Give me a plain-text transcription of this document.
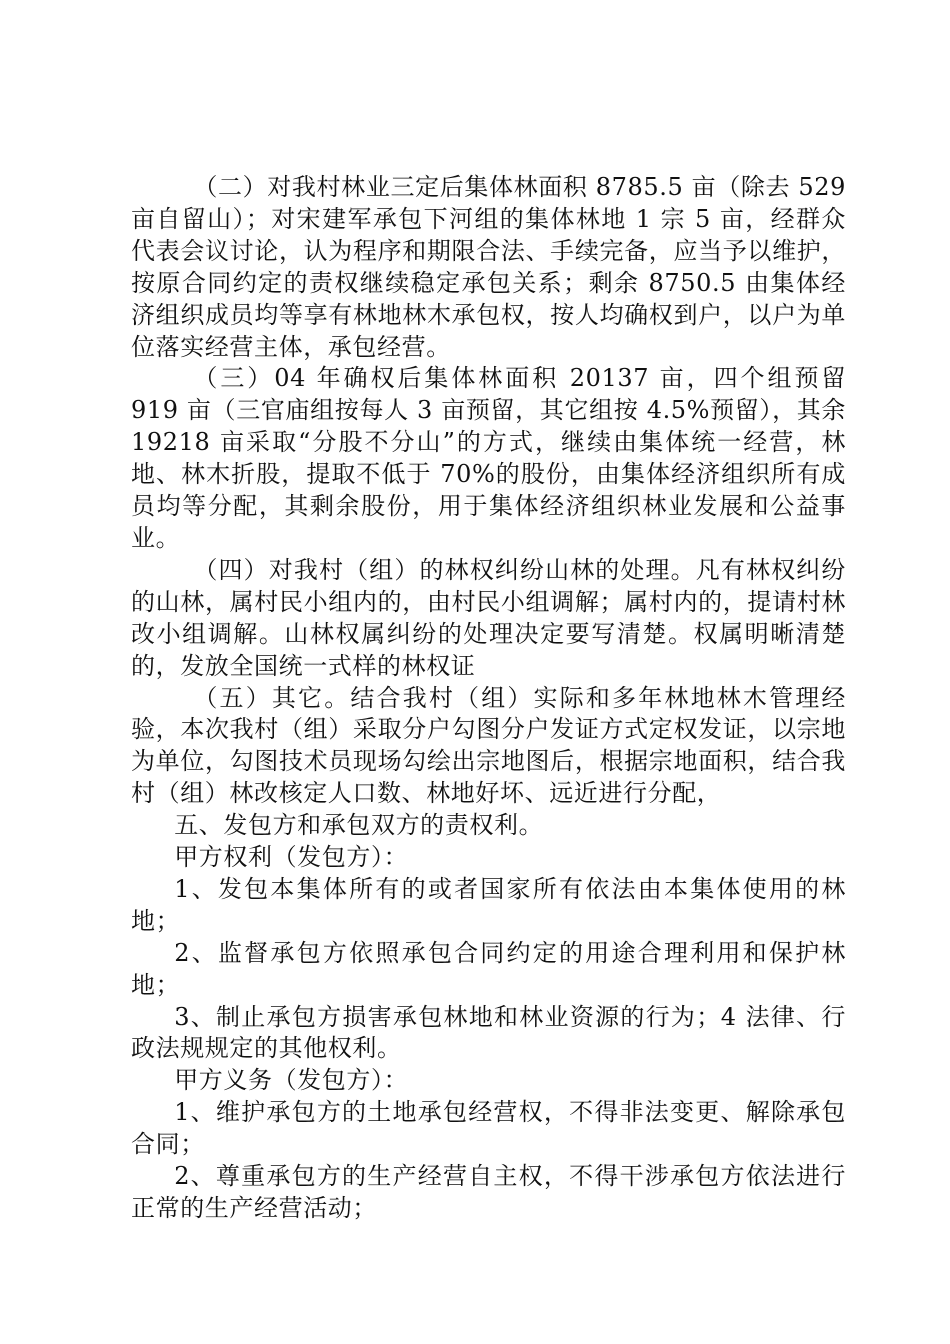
（二）对我村林业三定后集体林面积 8785.5 亩（除去 529 亩自留山）；对宋建军承包下河组的集体林地 1 宗 5 亩，经群众代表会议讨论，认为程序和期限合法、手续完备，应当予以维护，按原合同约定的责权继续稳定承包关系；剩余 8750.5 由集体经济组织成员均等享有林地林木承包权，按人均确权到户，以户为单位落实经营主体，承包经营。

（三）04 年确权后集体林面积 20137 亩，四个组预留 919 亩（三官庙组按每人 3 亩预留，其它组按 4.5%预留），其余 19218 亩采取“分股不分山”的方式，继续由集体统一经营，林地、林木折股，提取不低于 70%的股份，由集体经济组织所有成员均等分配，其剩余股份，用于集体经济组织林业发展和公益事业。

（四）对我村（组）的林权纠纷山林的处理。凡有林权纠纷的山林，属村民小组内的，由村民小组调解；属村内的，提请村林改小组调解。山林权属纠纷的处理决定要写清楚。权属明晰清楚的，发放全国统一式样的林权证

（五）其它。结合我村（组）实际和多年林地林木管理经验，本次我村（组）采取分户勾图分户发证方式定权发证，以宗地为单位，勾图技术员现场勾绘出宗地图后，根据宗地面积，结合我村（组）林改核定人口数、林地好坏、远近进行分配，

五、发包方和承包双方的责权利。

甲方权利（发包方）：

1、发包本集体所有的或者国家所有依法由本集体使用的林地；

2、监督承包方依照承包合同约定的用途合理利用和保护林地；

3、制止承包方损害承包林地和林业资源的行为；4 法律、行政法规规定的其他权利。

甲方义务（发包方）：

1、维护承包方的土地承包经营权，不得非法变更、解除承包合同；

2、尊重承包方的生产经营自主权，不得干涉承包方依法进行正常的生产经营活动；
